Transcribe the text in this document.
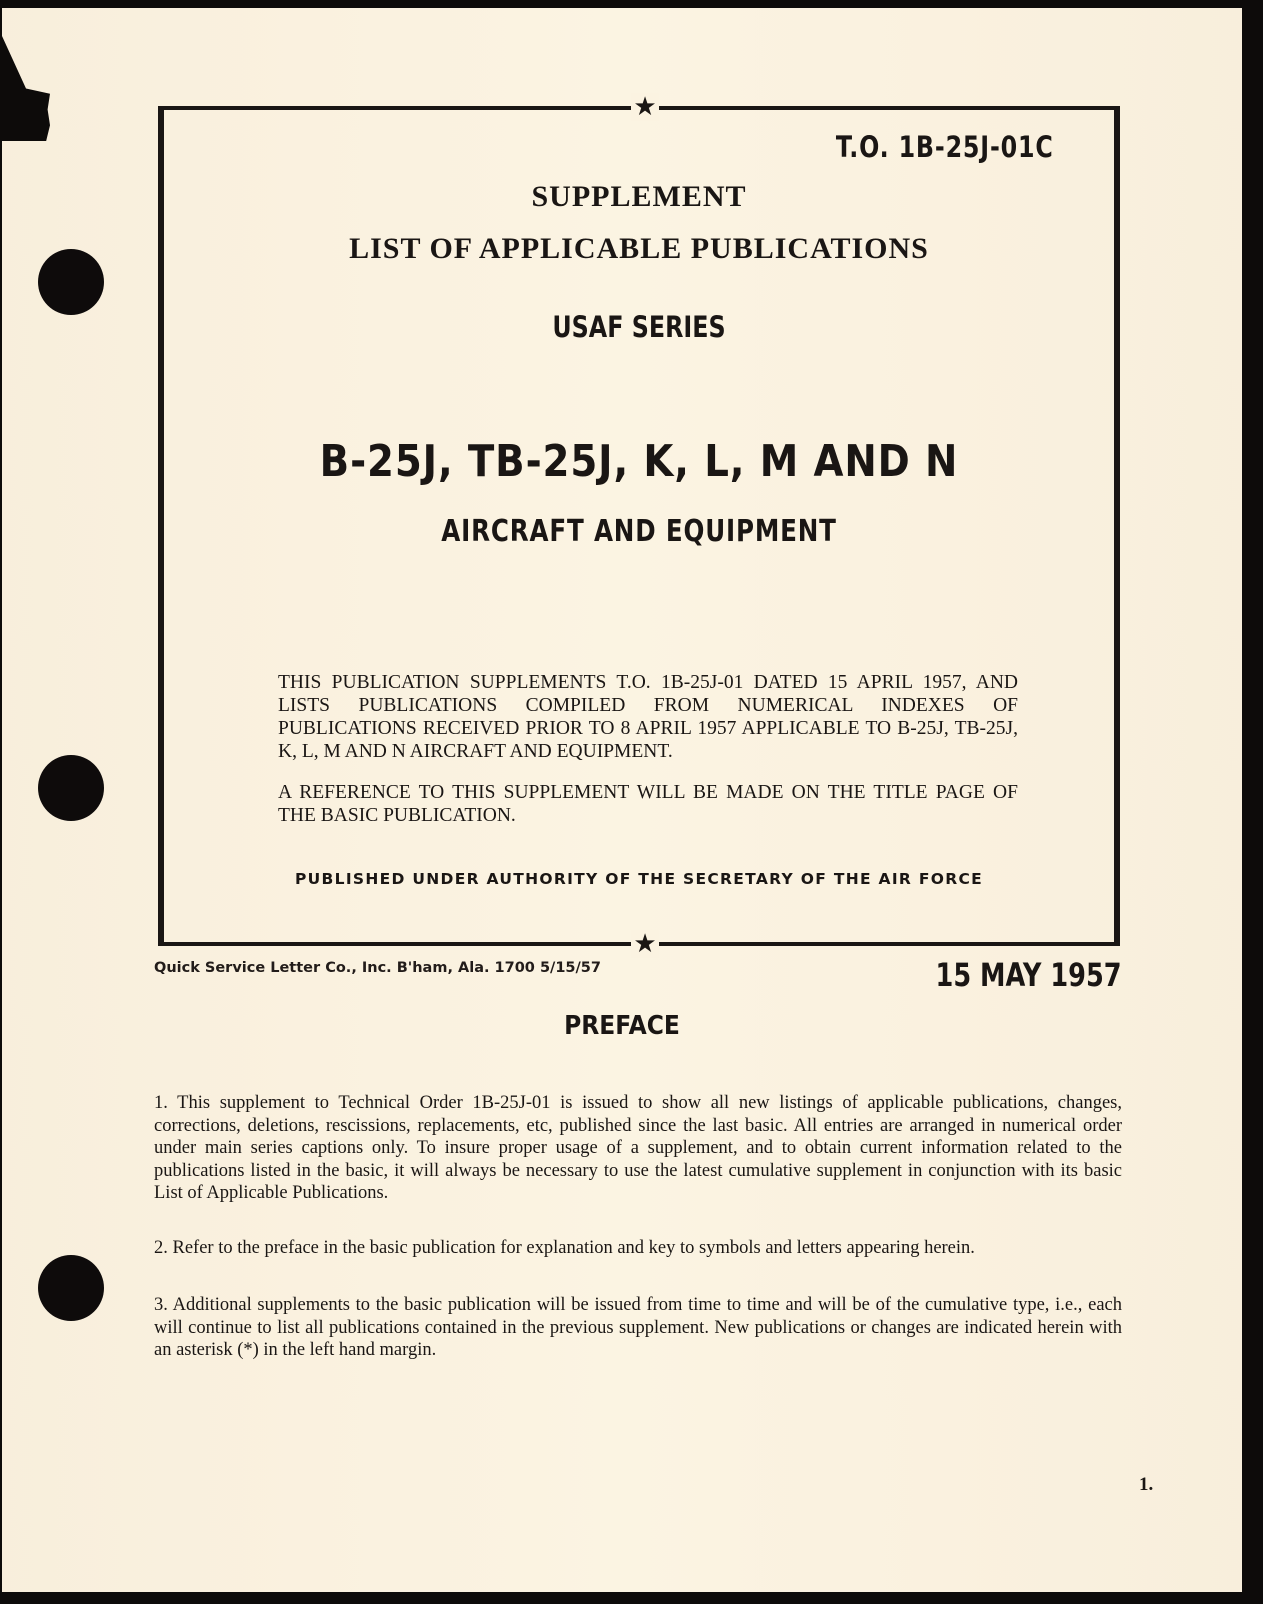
★
★
T.O. 1B-25J-01C
SUPPLEMENT
LIST OF APPLICABLE PUBLICATIONS
USAF SERIES
B-25J, TB-25J, K, L, M AND N
AIRCRAFT AND EQUIPMENT
THIS PUBLICATION SUPPLEMENTS T.O. 1B-25J-01 DATED 15 APRIL 1957, AND LISTS PUBLICATIONS COMPILED FROM NUMERICAL INDEXES OF PUBLICATIONS RECEIVED PRIOR TO 8 APRIL 1957 APPLICABLE TO B-25J, TB-25J, K, L, M AND N AIRCRAFT AND EQUIPMENT.
A REFERENCE TO THIS SUPPLEMENT WILL BE MADE ON THE TITLE PAGE OF THE BASIC PUBLICATION.
PUBLISHED UNDER AUTHORITY OF THE SECRETARY OF THE AIR FORCE
Quick Service Letter Co., Inc. B'ham, Ala. 1700 5/15/57	15 MAY 1957
PREFACE

1. This supplement to Technical Order 1B-25J-01 is issued to show all new listings of applicable publications, changes, corrections, deletions, rescissions, replacements, etc, published since the last basic. All entries are arranged in numerical order under main series captions only. To insure proper usage of a supplement, and to obtain current information related to the publications listed in the basic, it will always be necessary to use the latest cumulative supplement in conjunction with its basic List of Applicable Publications.

2. Refer to the preface in the basic publication for explanation and key to symbols and letters appearing herein.

3. Additional supplements to the basic publication will be issued from time to time and will be of the cumulative type, i.e., each will continue to list all publications contained in the previous supplement. New publications or changes are indicated herein with an asterisk (*) in the left hand margin.

1.
